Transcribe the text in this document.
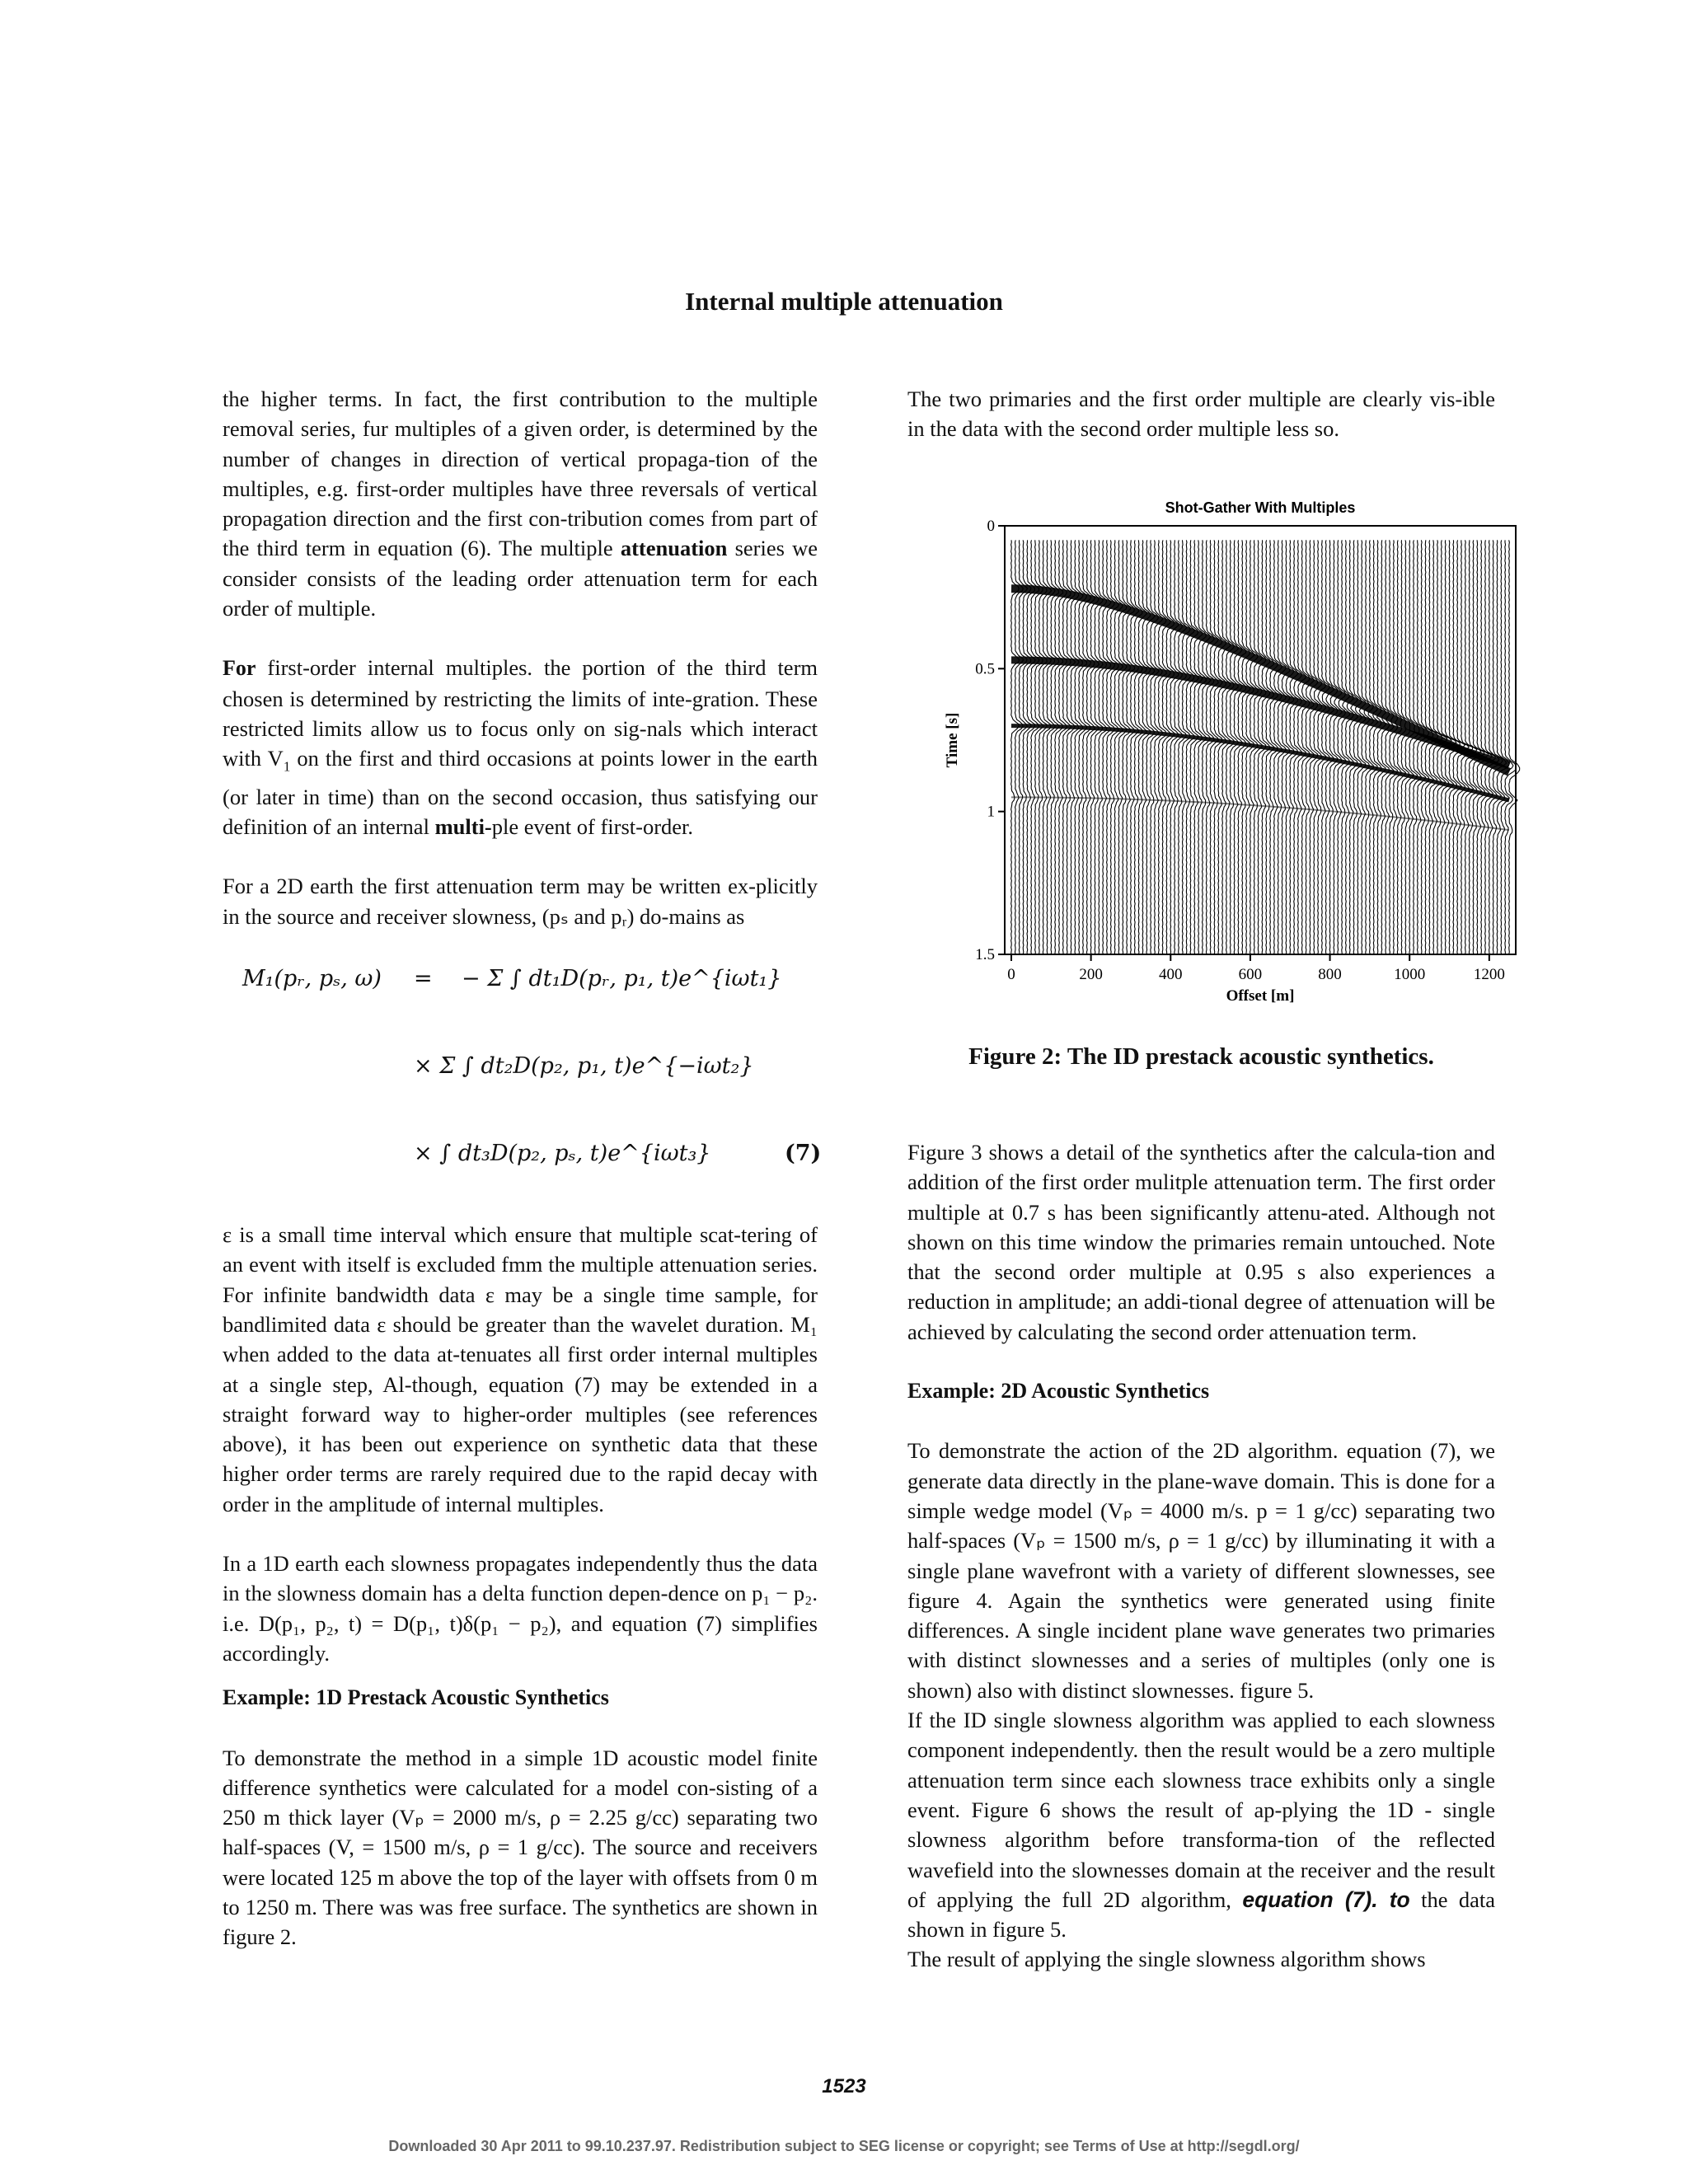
Internal multiple attenuation

the higher terms. In fact, the first contribution to the multiple removal series, fur multiples of a given order, is determined by the number of changes in direction of vertical propaga-tion of the multiples, e.g. first-order multiples have three reversals of vertical propagation direction and the first con-tribution comes from part of the third term in equation (6). The multiple attenuation series we consider consists of the leading order attenuation term for each order of multiple.

For first-order internal multiples. the portion of the third term chosen is determined by restricting the limits of inte-gration. These restricted limits allow us to focus only on sig-nals which interact with $V_1$ on the first and third occasions at points lower in the earth (or later in time) than on the second occasion, thus satisfying our definition of an internal multi-ple event of first-order.

For a 2D earth the first attenuation term may be written ex-plicitly in the source and receiver slowness, (pₛ and pᵣ) do-mains as

M₁(pᵣ, pₛ, ω) = − Σ ∫ dt₁D(pᵣ, p₁, t)e^{iωt₁}
× Σ ∫ dt₂D(p₂, p₁, t)e^{−iωt₂}
× ∫ dt₃D(p₂, pₛ, t)e^{iωt₃}	(7)

ε is a small time interval which ensure that multiple scat-tering of an event with itself is excluded fmm the multiple attenuation series. For infinite bandwidth data ε may be a single time sample, for bandlimited data ε should be greater than the wavelet duration. M₁ when added to the data at-tenuates all first order internal multiples at a single step, Al-though, equation (7) may be extended in a straight forward way to higher-order multiples (see references above), it has been out experience on synthetic data that these higher order terms are rarely required due to the rapid decay with order in the amplitude of internal multiples.

In a 1D earth each slowness propagates independently thus the data in the slowness domain has a delta function depen-dence on p₁ − p₂. i.e. D(p₁, p₂, t) = D(p₁, t)δ(p₁ − p₂), and equation (7) simplifies accordingly.

Example: 1D Prestack Acoustic Synthetics

To demonstrate the method in a simple 1D acoustic model finite difference synthetics were calculated for a model con-sisting of a 250 m thick layer (Vₚ = 2000 m/s, ρ = 2.25 g/cc) separating two half-spaces (V, = 1500 m/s, ρ = 1 g/cc). The source and receivers were located 125 m above the top of the layer with offsets from 0 m to 1250 m. There was was free surface. The synthetics are shown in figure 2.

The two primaries and the first order multiple are clearly vis-ible in the data with the second order multiple less so.

Shot-Gather With Multiples
0
0.5
1
1.5
0	200	400	600	800	1000	1200
Offset [m]
Time [s]
Figure 2: The ID prestack acoustic synthetics.

Figure 3 shows a detail of the synthetics after the calcula-tion and addition of the first order mulitple attenuation term. The first order multiple at 0.7 s has been significantly attenu-ated. Although not shown on this time window the primaries remain untouched. Note that the second order multiple at 0.95 s also experiences a reduction in amplitude; an addi-tional degree of attenuation will be achieved by calculating the second order attenuation term.

Example: 2D Acoustic Synthetics

To demonstrate the action of the 2D algorithm. equation (7), we generate data directly in the plane-wave domain. This is done for a simple wedge model (Vₚ = 4000 m/s. p = 1 g/cc) separating two half-spaces (Vₚ = 1500 m/s, ρ = 1 g/cc) by illuminating it with a single plane wavefront with a variety of different slownesses, see figure 4. Again the synthetics were generated using finite differences. A single incident plane wave generates two primaries with distinct slownesses and a series of multiples (only one is shown) also with distinct slownesses. figure 5.

If the ID single slowness algorithm was applied to each slowness component independently. then the result would be a zero multiple attenuation term since each slowness trace exhibits only a single event. Figure 6 shows the result of ap-plying the 1D - single slowness algorithm before transforma-tion of the reflected wavefield into the slownesses domain at the receiver and the result of applying the full 2D algorithm, equation (7). to the data shown in figure 5.

The result of applying the single slowness algorithm shows

1523
Downloaded 30 Apr 2011 to 99.10.237.97. Redistribution subject to SEG license or copyright; see Terms of Use at http://segdl.org/
